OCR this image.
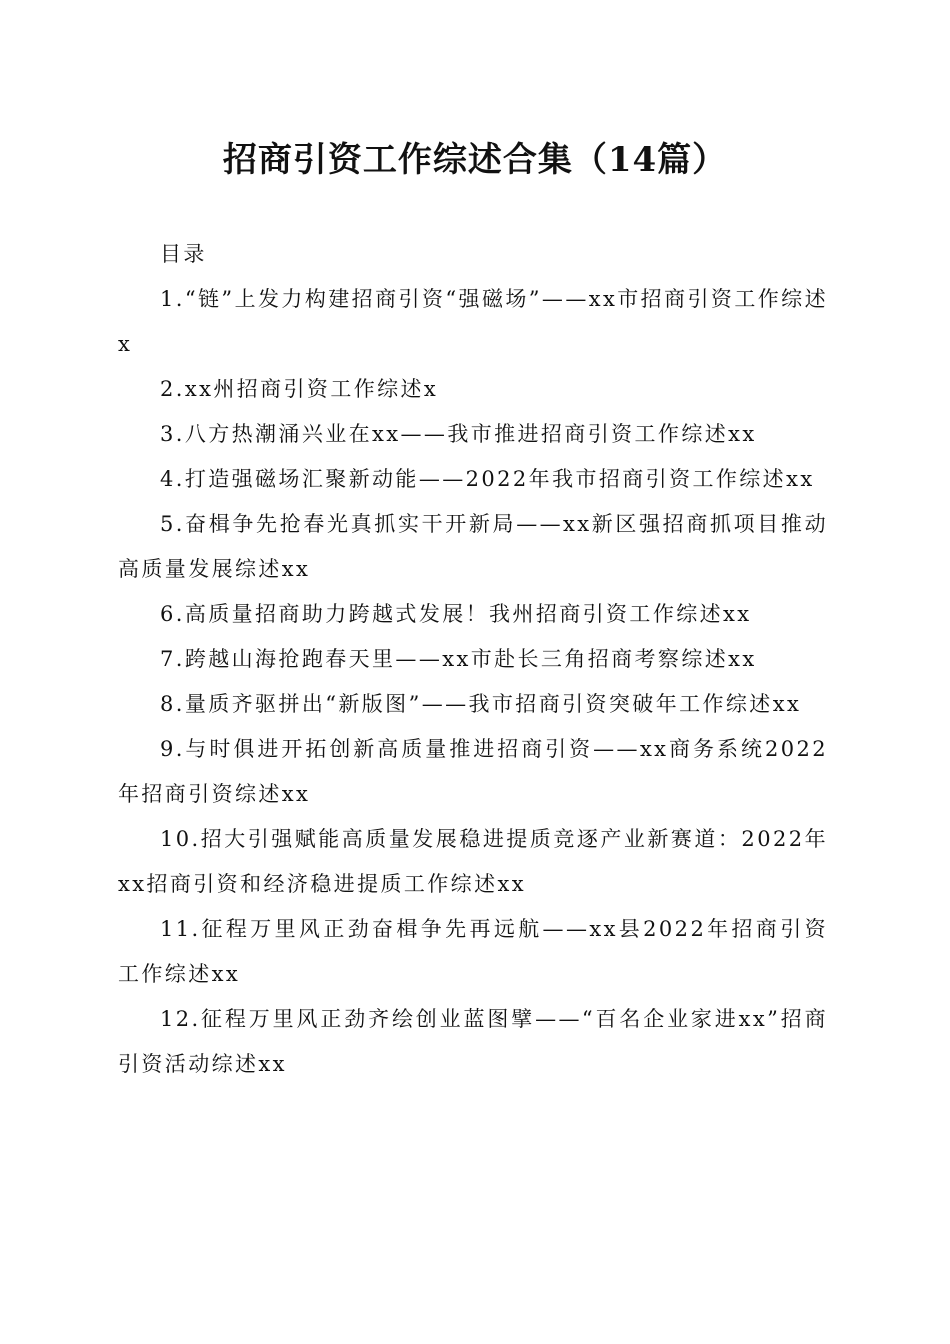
招商引资工作综述合集（14篇）

目录

1.“链”上发力构建招商引资“强磁场”——xx市招商引资工作综述x

2.xx州招商引资工作综述x

3.八方热潮涌兴业在xx——我市推进招商引资工作综述xx

4.打造强磁场汇聚新动能——2022年我市招商引资工作综述xx

5.奋楫争先抢春光真抓实干开新局——xx新区强招商抓项目推动高质量发展综述xx

6.高质量招商助力跨越式发展！我州招商引资工作综述xx

7.跨越山海抢跑春天里——xx市赴长三角招商考察综述xx

8.量质齐驱拼出“新版图”——我市招商引资突破年工作综述xx

9.与时俱进开拓创新高质量推进招商引资——xx商务系统2022年招商引资综述xx

10.招大引强赋能高质量发展稳进提质竞逐产业新赛道：2022年xx招商引资和经济稳进提质工作综述xx

11.征程万里风正劲奋楫争先再远航——xx县2022年招商引资工作综述xx

12.征程万里风正劲齐绘创业蓝图擘——“百名企业家进xx”招商引资活动综述xx
